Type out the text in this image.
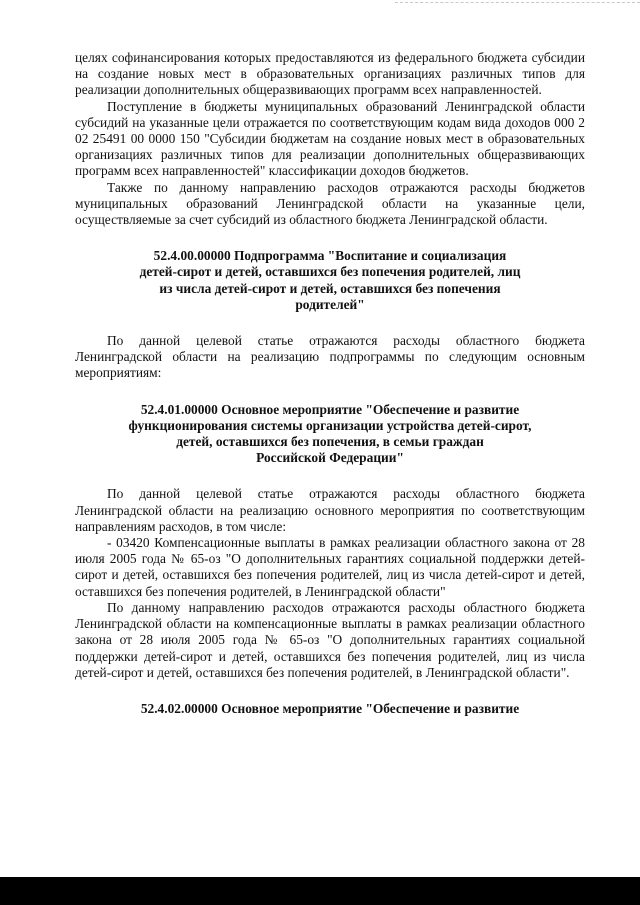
целях софинансирования которых предоставляются из федерального бюджета субсидии на создание новых мест в образовательных организациях различных типов для реализации дополнительных общеразвивающих программ всех направленностей.

Поступление в бюджеты муниципальных образований Ленинградской области субсидий на указанные цели отражается по соответствующим кодам вида доходов 000 2 02 25491 00 0000 150 "Субсидии бюджетам на создание новых мест в образовательных организациях различных типов для реализации дополнительных общеразвивающих программ всех направленностей" классификации доходов бюджетов.

Также по данному направлению расходов отражаются расходы бюджетов муниципальных образований Ленинградской области на указанные цели, осуществляемые за счет субсидий из областного бюджета Ленинградской области.

52.4.00.00000 Подпрограмма "Воспитание и социализация
детей-сирот и детей, оставшихся без попечения родителей, лиц
из числа детей-сирот и детей, оставшихся без попечения
родителей"

По данной целевой статье отражаются расходы областного бюджета Ленинградской области на реализацию подпрограммы по следующим основным мероприятиям:

52.4.01.00000 Основное мероприятие "Обеспечение и развитие
функционирования системы организации устройства детей-сирот,
детей, оставшихся без попечения, в семьи граждан
Российской Федерации"

По данной целевой статье отражаются расходы областного бюджета Ленинградской области на реализацию основного мероприятия по соответствующим направлениям расходов, в том числе:

- 03420 Компенсационные выплаты в рамках реализации областного закона от 28 июля 2005 года № 65-оз "О дополнительных гарантиях социальной поддержки детей-сирот и детей, оставшихся без попечения родителей, лиц из числа детей-сирот и детей, оставшихся без попечения родителей, в Ленинградской области"

По данному направлению расходов отражаются расходы областного бюджета Ленинградской области на компенсационные выплаты в рамках реализации областного закона от 28 июля 2005 года № 65-оз "О дополнительных гарантиях социальной поддержки детей-сирот и детей, оставшихся без попечения родителей, лиц из числа детей-сирот и детей, оставшихся без попечения родителей, в Ленинградской области".

52.4.02.00000 Основное мероприятие "Обеспечение и развитие
